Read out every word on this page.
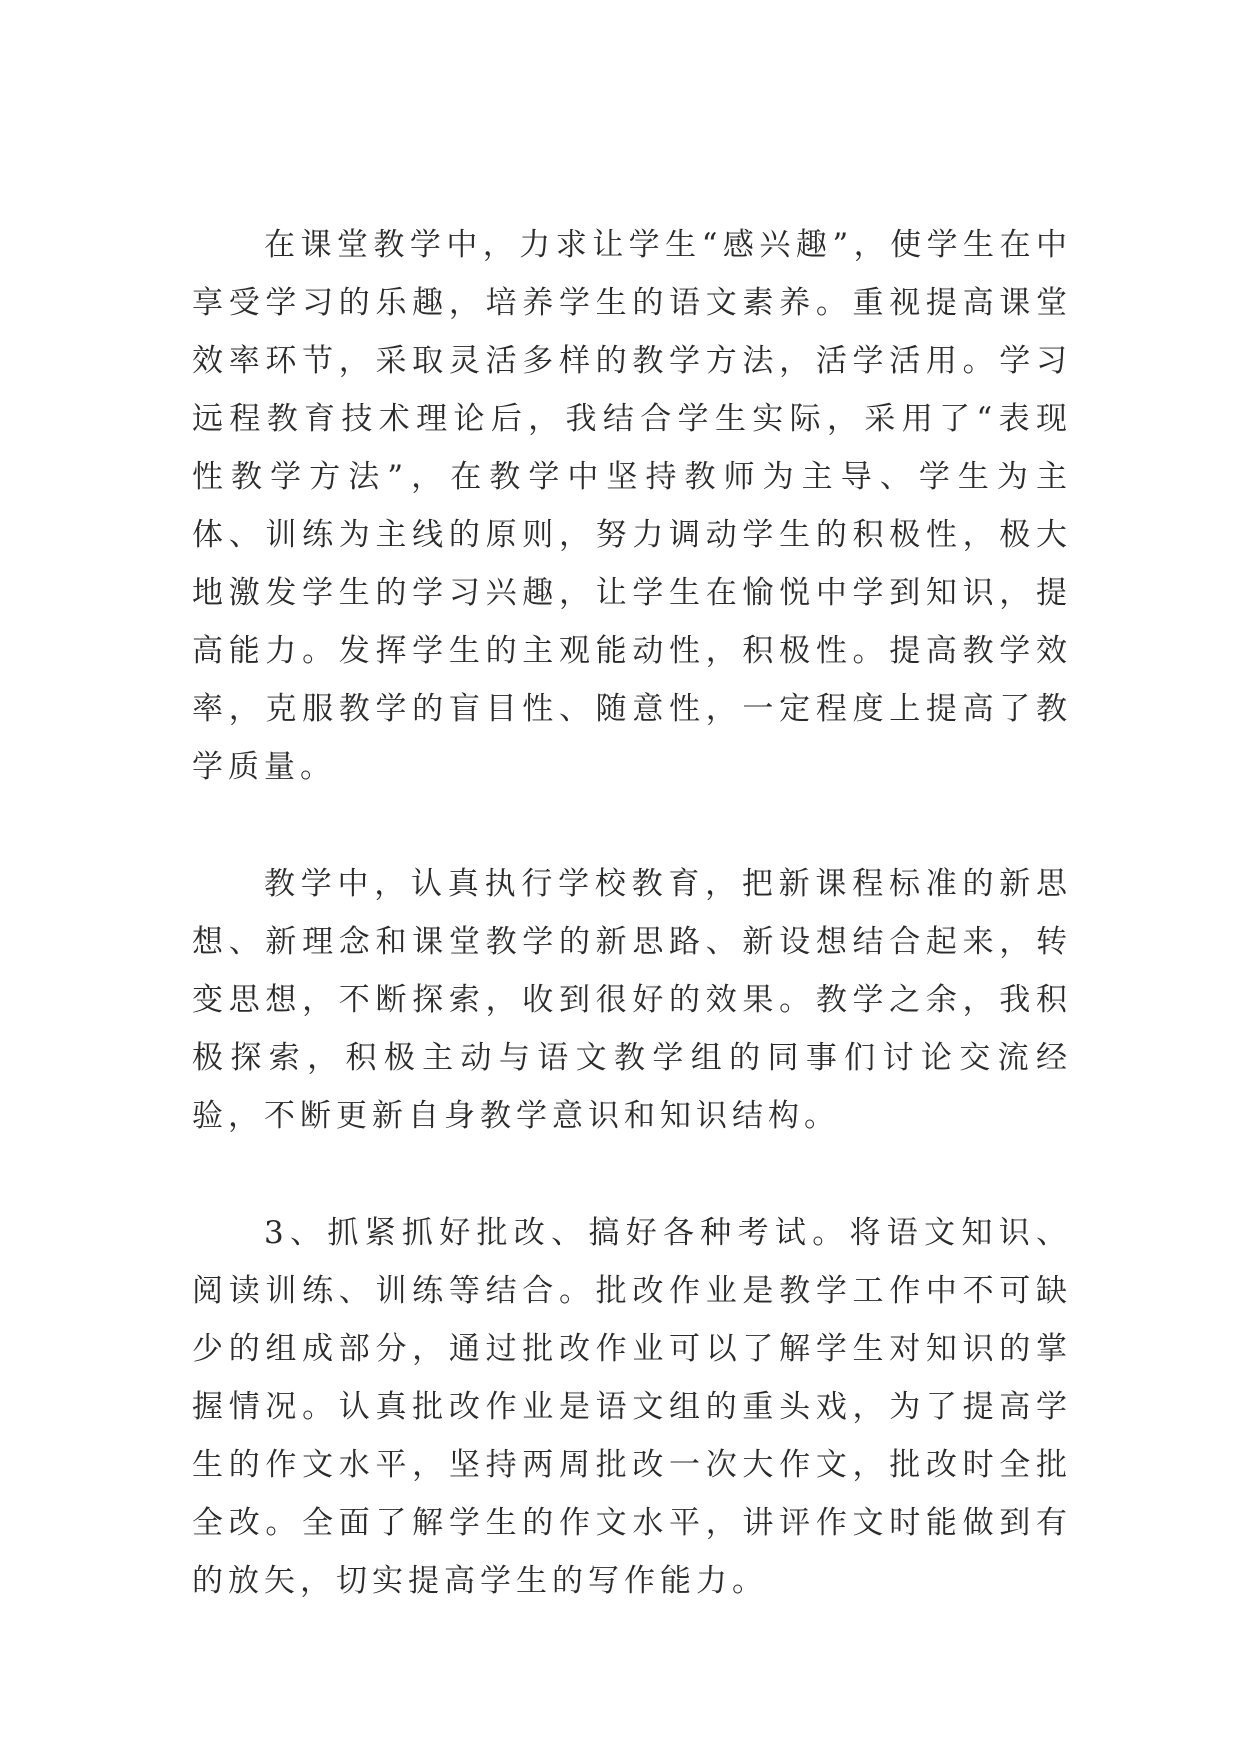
在课堂教学中，力求让学生“感兴趣”，使学生在中享受学习的乐趣，培养学生的语文素养。重视提高课堂效率环节，采取灵活多样的教学方法，活学活用。学习远程教育技术理论后，我结合学生实际，采用了“表现性教学方法”，在教学中坚持教师为主导、学生为主体、训练为主线的原则，努力调动学生的积极性，极大地激发学生的学习兴趣，让学生在愉悦中学到知识，提高能力。发挥学生的主观能动性，积极性。提高教学效率，克服教学的盲目性、随意性，一定程度上提高了教学质量。

教学中，认真执行学校教育，把新课程标准的新思想、新理念和课堂教学的新思路、新设想结合起来，转变思想，不断探索，收到很好的效果。教学之余，我积极探索，积极主动与语文教学组的同事们讨论交流经验，不断更新自身教学意识和知识结构。

3、抓紧抓好批改、搞好各种考试。将语文知识、阅读训练、训练等结合。批改作业是教学工作中不可缺少的组成部分，通过批改作业可以了解学生对知识的掌握情况。认真批改作业是语文组的重头戏，为了提高学生的作文水平，坚持两周批改一次大作文，批改时全批全改。全面了解学生的作文水平，讲评作文时能做到有的放矢，切实提高学生的写作能力。
